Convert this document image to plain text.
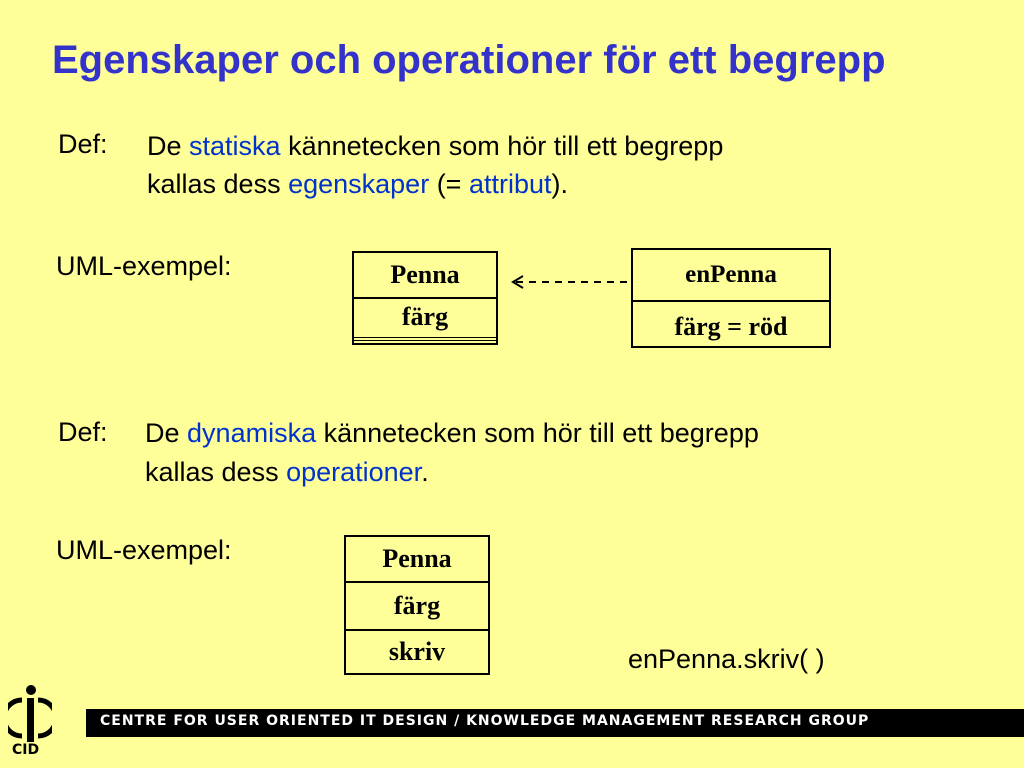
Egenskaper och operationer för ett begrepp
Def: De statiska kännetecken som hör till ett begrepp
kallas dess egenskaper (= attribut).
UML-exempel:	Penna
färg
enPenna
färg = röd
Def: De dynamiska kännetecken som hör till ett begrepp
kallas dess operationer.
UML-exempel:	Penna
färg
skriv	enPenna.skriv( )
CID
CENTRE FOR USER ORIENTED IT DESIGN / KNOWLEDGE MANAGEMENT RESEARCH GROUP
